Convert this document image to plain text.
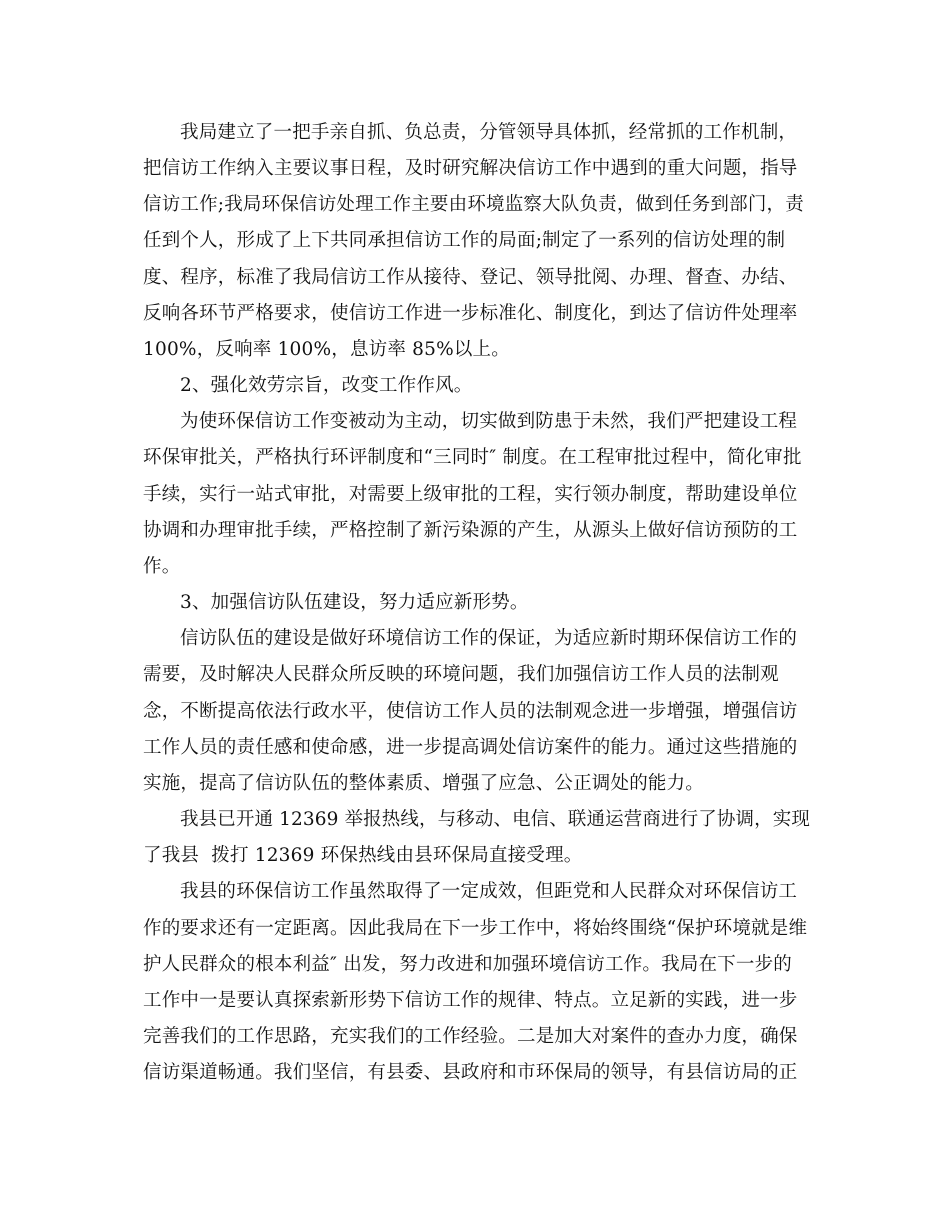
我局建立了一把手亲自抓、负总责，分管领导具体抓，经常抓的工作机制，
把信访工作纳入主要议事日程，及时研究解决信访工作中遇到的重大问题，指导
信访工作;我局环保信访处理工作主要由环境监察大队负责，做到任务到部门，责
任到个人，形成了上下共同承担信访工作的局面;制定了一系列的信访处理的制
度、程序，标准了我局信访工作从接待、登记、领导批阅、办理、督查、办结、
反响各环节严格要求，使信访工作进一步标准化、制度化，到达了信访件处理率
100%，反响率 100%，息访率 85%以上。
2、强化效劳宗旨，改变工作作风。
为使环保信访工作变被动为主动，切实做到防患于未然，我们严把建设工程
环保审批关，严格执行环评制度和“三同时″ 制度。在工程审批过程中，简化审批
手续，实行一站式审批，对需要上级审批的工程，实行领办制度，帮助建设单位
协调和办理审批手续，严格控制了新污染源的产生，从源头上做好信访预防的工
作。
3、加强信访队伍建设，努力适应新形势。
信访队伍的建设是做好环境信访工作的保证，为适应新时期环保信访工作的
需要，及时解决人民群众所反映的环境问题，我们加强信访工作人员的法制观
念，不断提高依法行政水平，使信访工作人员的法制观念进一步增强，增强信访
工作人员的责任感和使命感，进一步提高调处信访案件的能力。通过这些措施的
实施，提高了信访队伍的整体素质、增强了应急、公正调处的能力。
我县已开通 12369 举报热线，与移动、电信、联通运营商进行了协调，实现
了我县  拨打 12369 环保热线由县环保局直接受理。
我县的环保信访工作虽然取得了一定成效，但距党和人民群众对环保信访工
作的要求还有一定距离。因此我局在下一步工作中，将始终围绕“保护环境就是维
护人民群众的根本利益″ 出发，努力改进和加强环境信访工作。我局在下一步的
工作中一是要认真探索新形势下信访工作的规律、特点。立足新的实践，进一步
完善我们的工作思路，充实我们的工作经验。二是加大对案件的查办力度，确保
信访渠道畅通。我们坚信，有县委、县政府和市环保局的领导，有县信访局的正
